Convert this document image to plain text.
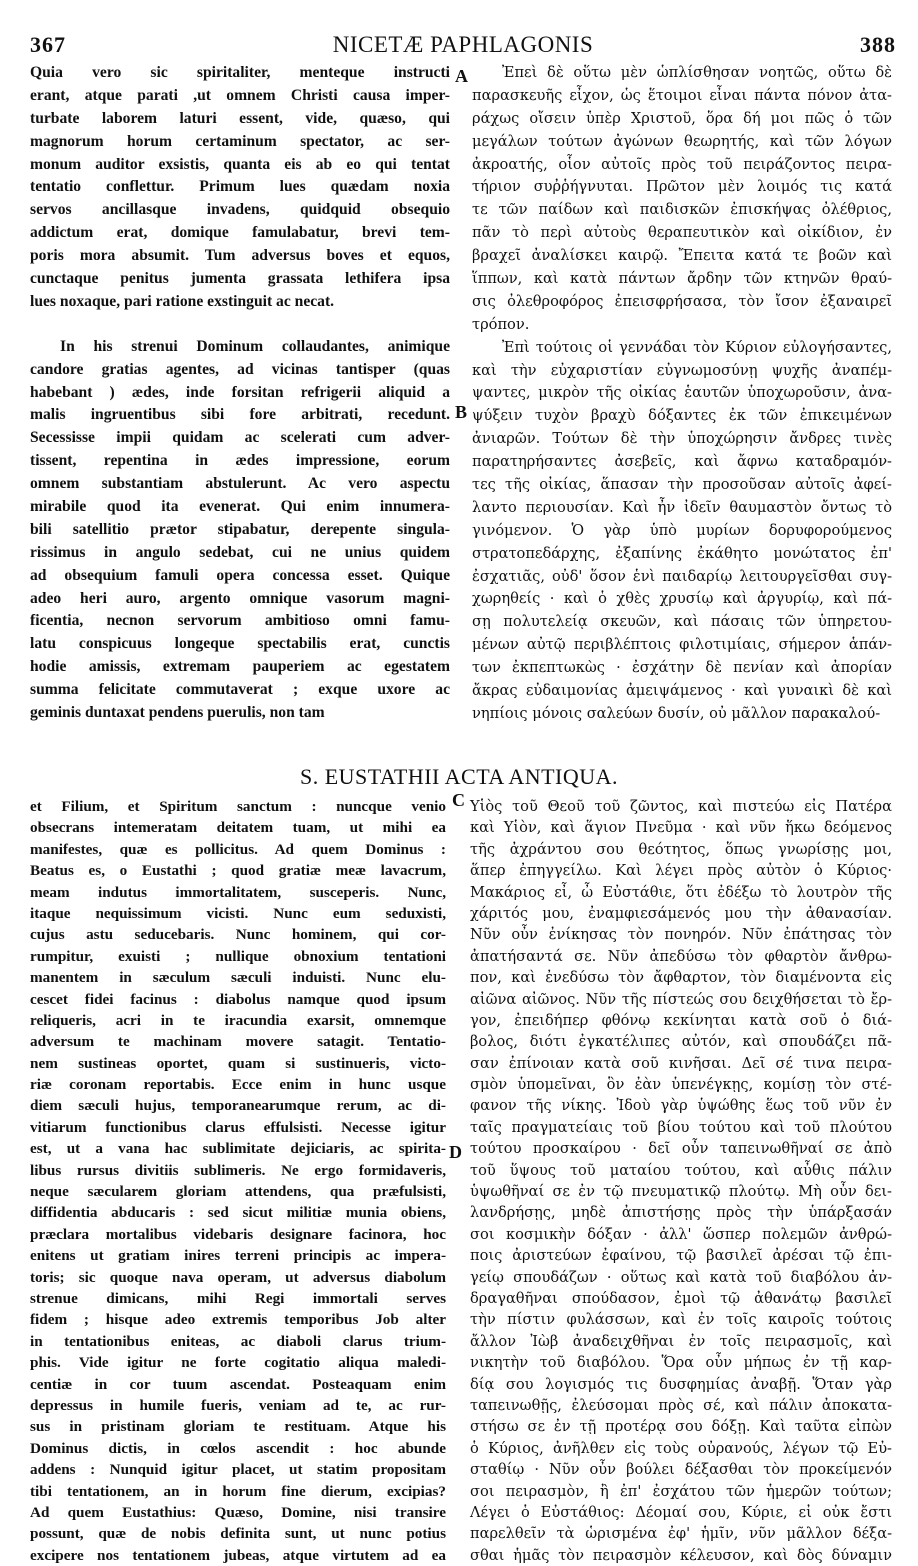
367	NICETÆ PAPHLAGONIS	388
A
B
C
D

Quia vero sic spiritaliter, menteque instructi

erant, atque parati ,ut omnem Christi causa imper-

turbate laborem laturi essent, vide, quæso, qui

magnorum horum certaminum spectator, ac ser-

monum auditor exsistis, quanta eis ab eo qui tentat

tentatio conflettur. Primum lues quædam noxia

servos ancillasque invadens, quidquid obsequio

addictum erat, domique famulabatur, brevi tem-

poris mora absumit. Tum adversus boves et equos,

cunctaque penitus jumenta grassata lethifera ipsa

lues noxaque, pari ratione exstinguit ac necat.

In his strenui Dominum collaudantes, animique

candore gratias agentes, ad vicinas tantisper (quas

habebant ) ædes, inde forsitan refrigerii aliquid a

malis ingruentibus sibi fore arbitrati, recedunt.

Secessisse impii quidam ac scelerati cum adver-

tissent, repentina in ædes impressione, eorum

omnem substantiam abstulerunt. Ac vero aspectu

mirabile quod ita evenerat. Qui enim innumera-

bili satellitio prætor stipabatur, derepente singula-

rissimus in angulo sedebat, cui ne unius quidem

ad obsequium famuli opera concessa esset. Quique

adeo heri auro, argento omnique vasorum magni-

ficentia, necnon servorum ambitioso omni famu-

latu conspicuus longeque spectabilis erat, cunctis

hodie amissis, extremam pauperiem ac egestatem

summa felicitate commutaverat ; exque uxore ac

geminis duntaxat pendens puerulis, non tam

Ἐπεὶ δὲ οὕτω μὲν ὡπλίσθησαν νοητῶς, οὕτω δὲ

παρασκευῆς εἶχον, ὡς ἕτοιμοι εἶναι πάντα πόνον ἀτα-

ράχως οἴσειν ὑπὲρ Χριστοῦ, ὅρα δή μοι πῶς ὁ τῶν

μεγάλων τούτων ἀγώνων θεωρητής, καὶ τῶν λόγων

ἀκροατής, οἷον αὐτοῖς πρὸς τοῦ πειράζοντος πειρα-

τήριον συῤῥήγνυται. Πρῶτον μὲν λοιμός τις κατά

τε τῶν παίδων καὶ παιδισκῶν ἐπισκήψας ὀλέθριος,

πᾶν τὸ περὶ αὐτοὺς θεραπευτικὸν καὶ οἰκίδιον, ἐν

βραχεῖ ἀναλίσκει καιρῷ. Ἔπειτα κατά τε βοῶν καὶ

ἵππων, καὶ κατὰ πάντων ἄρδην τῶν κτηνῶν θραύ-

σις ὀλεθροφόρος ἐπεισφρήσασα, τὸν ἴσον ἐξαναιρεῖ

τρόπον.

Ἐπὶ τούτοις οἱ γεννάδαι τὸν Κύριον εὐλογήσαντες,

καὶ τὴν εὐχαριστίαν εὐγνωμοσύνῃ ψυχῆς ἀναπέμ-

ψαντες, μικρὸν τῆς οἰκίας ἑαυτῶν ὑποχωροῦσιν, ἀνα-

ψύξειν τυχὸν βραχὺ δόξαντες ἐκ τῶν ἐπικειμένων

ἀνιαρῶν. Τούτων δὲ τὴν ὑποχώρησιν ἄνδρες τινὲς

παρατηρήσαντες ἀσεβεῖς, καὶ ἄφνω καταδραμόν-

τες τῆς οἰκίας, ἅπασαν τὴν προσοῦσαν αὐτοῖς ἀφεί-

λαντο περιουσίαν. Καὶ ἦν ἰδεῖν θαυμαστὸν ὄντως τὸ

γινόμενον. Ὁ γὰρ ὑπὸ μυρίων δορυφορούμενος

στρατοπεδάρχης, ἐξαπίνης ἐκάθητο μονώτατος ἐπ'

ἐσχατιᾶς, οὐδ' ὅσον ἑνὶ παιδαρίῳ λειτουργεῖσθαι συγ-

χωρηθείς · καὶ ὁ χθὲς χρυσίῳ καὶ ἀργυρίῳ, καὶ πά-

σῃ πολυτελείᾳ σκευῶν, καὶ πάσαις τῶν ὑπηρετου-

μένων αὐτῷ περιβλέπτοις φιλοτιμίαις, σήμερον ἁπάν-

των ἐκπεπτωκὼς · ἐσχάτην δὲ πενίαν καὶ ἀπορίαν

ἄκρας εὐδαιμονίας ἀμειψάμενος · καὶ γυναικὶ δὲ καὶ

νηπίοις μόνοις σαλεύων δυσίν, οὐ μᾶλλον παρακαλού-

S. EUSTATHII ACTA ANTIQUA.

et Filium, et Spiritum sanctum : nuncque venio

obsecrans intemeratam deitatem tuam, ut mihi ea

manifestes, quæ es pollicitus. Ad quem Dominus :

Beatus es, o Eustathi ; quod gratiæ meæ lavacrum,

meam indutus immortalitatem, susceperis. Nunc,

itaque nequissimum vicisti. Nunc eum seduxisti,

cujus astu seducebaris. Nunc hominem, qui cor-

rumpitur, exuisti ; nullique obnoxium tentationi

manentem in sæculum sæculi induisti. Nunc elu-

cescet fidei facinus : diabolus namque quod ipsum

reliqueris, acri in te iracundia exarsit, omnemque

adversum te machinam movere satagit. Tentatio-

nem sustineas oportet, quam si sustinueris, victo-

riæ coronam reportabis. Ecce enim in hunc usque

diem sæculi hujus, temporanearumque rerum, ac di-

vitiarum functionibus clarus effulsisti. Necesse igitur

est, ut a vana hac sublimitate dejiciaris, ac spirita-

libus rursus divitiis sublimeris. Ne ergo formidaveris,

neque sæcularem gloriam attendens, qua præfulsisti,

diffidentia abducaris : sed sicut militiæ munia obiens,

præclara mortalibus videbaris designare facinora, hoc

enitens ut gratiam inires terreni principis ac impera-

toris; sic quoque nava operam, ut adversus diabolum

strenue dimicans, mihi Regi immortali serves

fidem ; hisque adeo extremis temporibus Job alter

in tentationibus eniteas, ac diaboli clarus trium-

phis. Vide igitur ne forte cogitatio aliqua maledi-

centiæ in cor tuum ascendat. Posteaquam enim

depressus in humile fueris, veniam ad te, ac rur-

sus in pristinam gloriam te restituam. Atque his

Dominus dictis, in cœlos ascendit : hoc abunde

addens : Nunquid igitur placet, ut statim propositam

tibi tentationem, an in horum fine dierum, excipias?

Ad quem Eustathius: Quæso, Domine, nisi transire

possunt, quæ de nobis definita sunt, ut nunc potius

excipere nos tentationem jubeas, atque virtutem ad ea

Υἱὸς τοῦ Θεοῦ τοῦ ζῶντος, καὶ πιστεύω εἰς Πατέρα

καὶ Υἱὸν, καὶ ἅγιον Πνεῦμα · καὶ νῦν ἥκω δεόμενος

τῆς ἀχράντου σου θεότητος, ὅπως γνωρίσῃς μοι,

ἅπερ ἐπηγγείλω. Καὶ λέγει πρὸς αὐτὸν ὁ Κύριος·

Μακάριος εἶ, ὦ Εὐστάθιε, ὅτι ἐδέξω τὸ λουτρὸν τῆς

χάριτός μου, ἐναμφιεσάμενός μου τὴν ἀθανασίαν.

Νῦν οὖν ἐνίκησας τὸν πονηρόν. Νῦν ἐπάτησας τὸν

ἀπατήσαντά σε. Νῦν ἀπεδύσω τὸν φθαρτὸν ἄνθρω-

πον, καὶ ἐνεδύσω τὸν ἄφθαρτον, τὸν διαμένοντα εἰς

αἰῶνα αἰῶνος. Νῦν τῆς πίστεώς σου δειχθήσεται τὸ ἔρ-

γον, ἐπειδήπερ φθόνῳ κεκίνηται κατὰ σοῦ ὁ διά-

βολος, διότι ἐγκατέλιπες αὐτόν, καὶ σπουδάζει πᾶ-

σαν ἐπίνοιαν κατὰ σοῦ κινῆσαι. Δεῖ σέ τινα πειρα-

σμὸν ὑπομεῖναι, ὃν ἐὰν ὑπενέγκῃς, κομίσῃ τὸν στέ-

φανον τῆς νίκης. Ἰδοὺ γὰρ ὑψώθης ἕως τοῦ νῦν ἐν

ταῖς πραγματείαις τοῦ βίου τούτου καὶ τοῦ πλούτου

τούτου προσκαίρου · δεῖ οὖν ταπεινωθῆναί σε ἀπὸ

τοῦ ὕψους τοῦ ματαίου τούτου, καὶ αὖθις πάλιν

ὑψωθῆναί σε ἐν τῷ πνευματικῷ πλούτῳ. Μὴ οὖν δει-

λανδρήσῃς, μηδὲ ἀπιστήσῃς πρὸς τὴν ὑπάρξασάν

σοι κοσμικὴν δόξαν · ἀλλ' ὥσπερ πολεμῶν ἀνθρώ-

ποις ἀριστεύων ἐφαίνου, τῷ βασιλεῖ ἀρέσαι τῷ ἐπι-

γείῳ σπουδάζων · οὕτως καὶ κατὰ τοῦ διαβόλου ἀν-

δραγαθῆναι σπούδασον, ἐμοὶ τῷ ἀθανάτῳ βασιλεῖ

τὴν πίστιν φυλάσσων, καὶ ἐν τοῖς καιροῖς τούτοις

ἄλλον Ἰὼβ ἀναδειχθῆναι ἐν τοῖς πειρασμοῖς, καὶ

νικητὴν τοῦ διαβόλου. Ὅρα οὖν μήπως ἐν τῇ καρ-

δίᾳ σου λογισμός τις δυσφημίας ἀναβῇ. Ὅταν γὰρ

ταπεινωθῇς, ἐλεύσομαι πρὸς σέ, καὶ πάλιν ἀποκατα-

στήσω σε ἐν τῇ προτέρᾳ σου δόξῃ. Καὶ ταῦτα εἰπὼν

ὁ Κύριος, ἀνῆλθεν εἰς τοὺς οὐρανούς, λέγων τῷ Εὐ-

σταθίῳ · Νῦν οὖν βούλει δέξασθαι τὸν προκείμενόν

σοι πειρασμὸν, ἢ ἐπ' ἐσχάτου τῶν ἡμερῶν τούτων;

Λέγει ὁ Εὐστάθιος: Δέομαί σου, Κύριε, εἰ οὐκ ἔστι

παρελθεῖν τὰ ὡρισμένα ἐφ' ἡμῖν, νῦν μᾶλλον δέξα-

σθαι ἡμᾶς τὸν πειρασμὸν κέλευσον, καὶ δὸς δύναμιν
